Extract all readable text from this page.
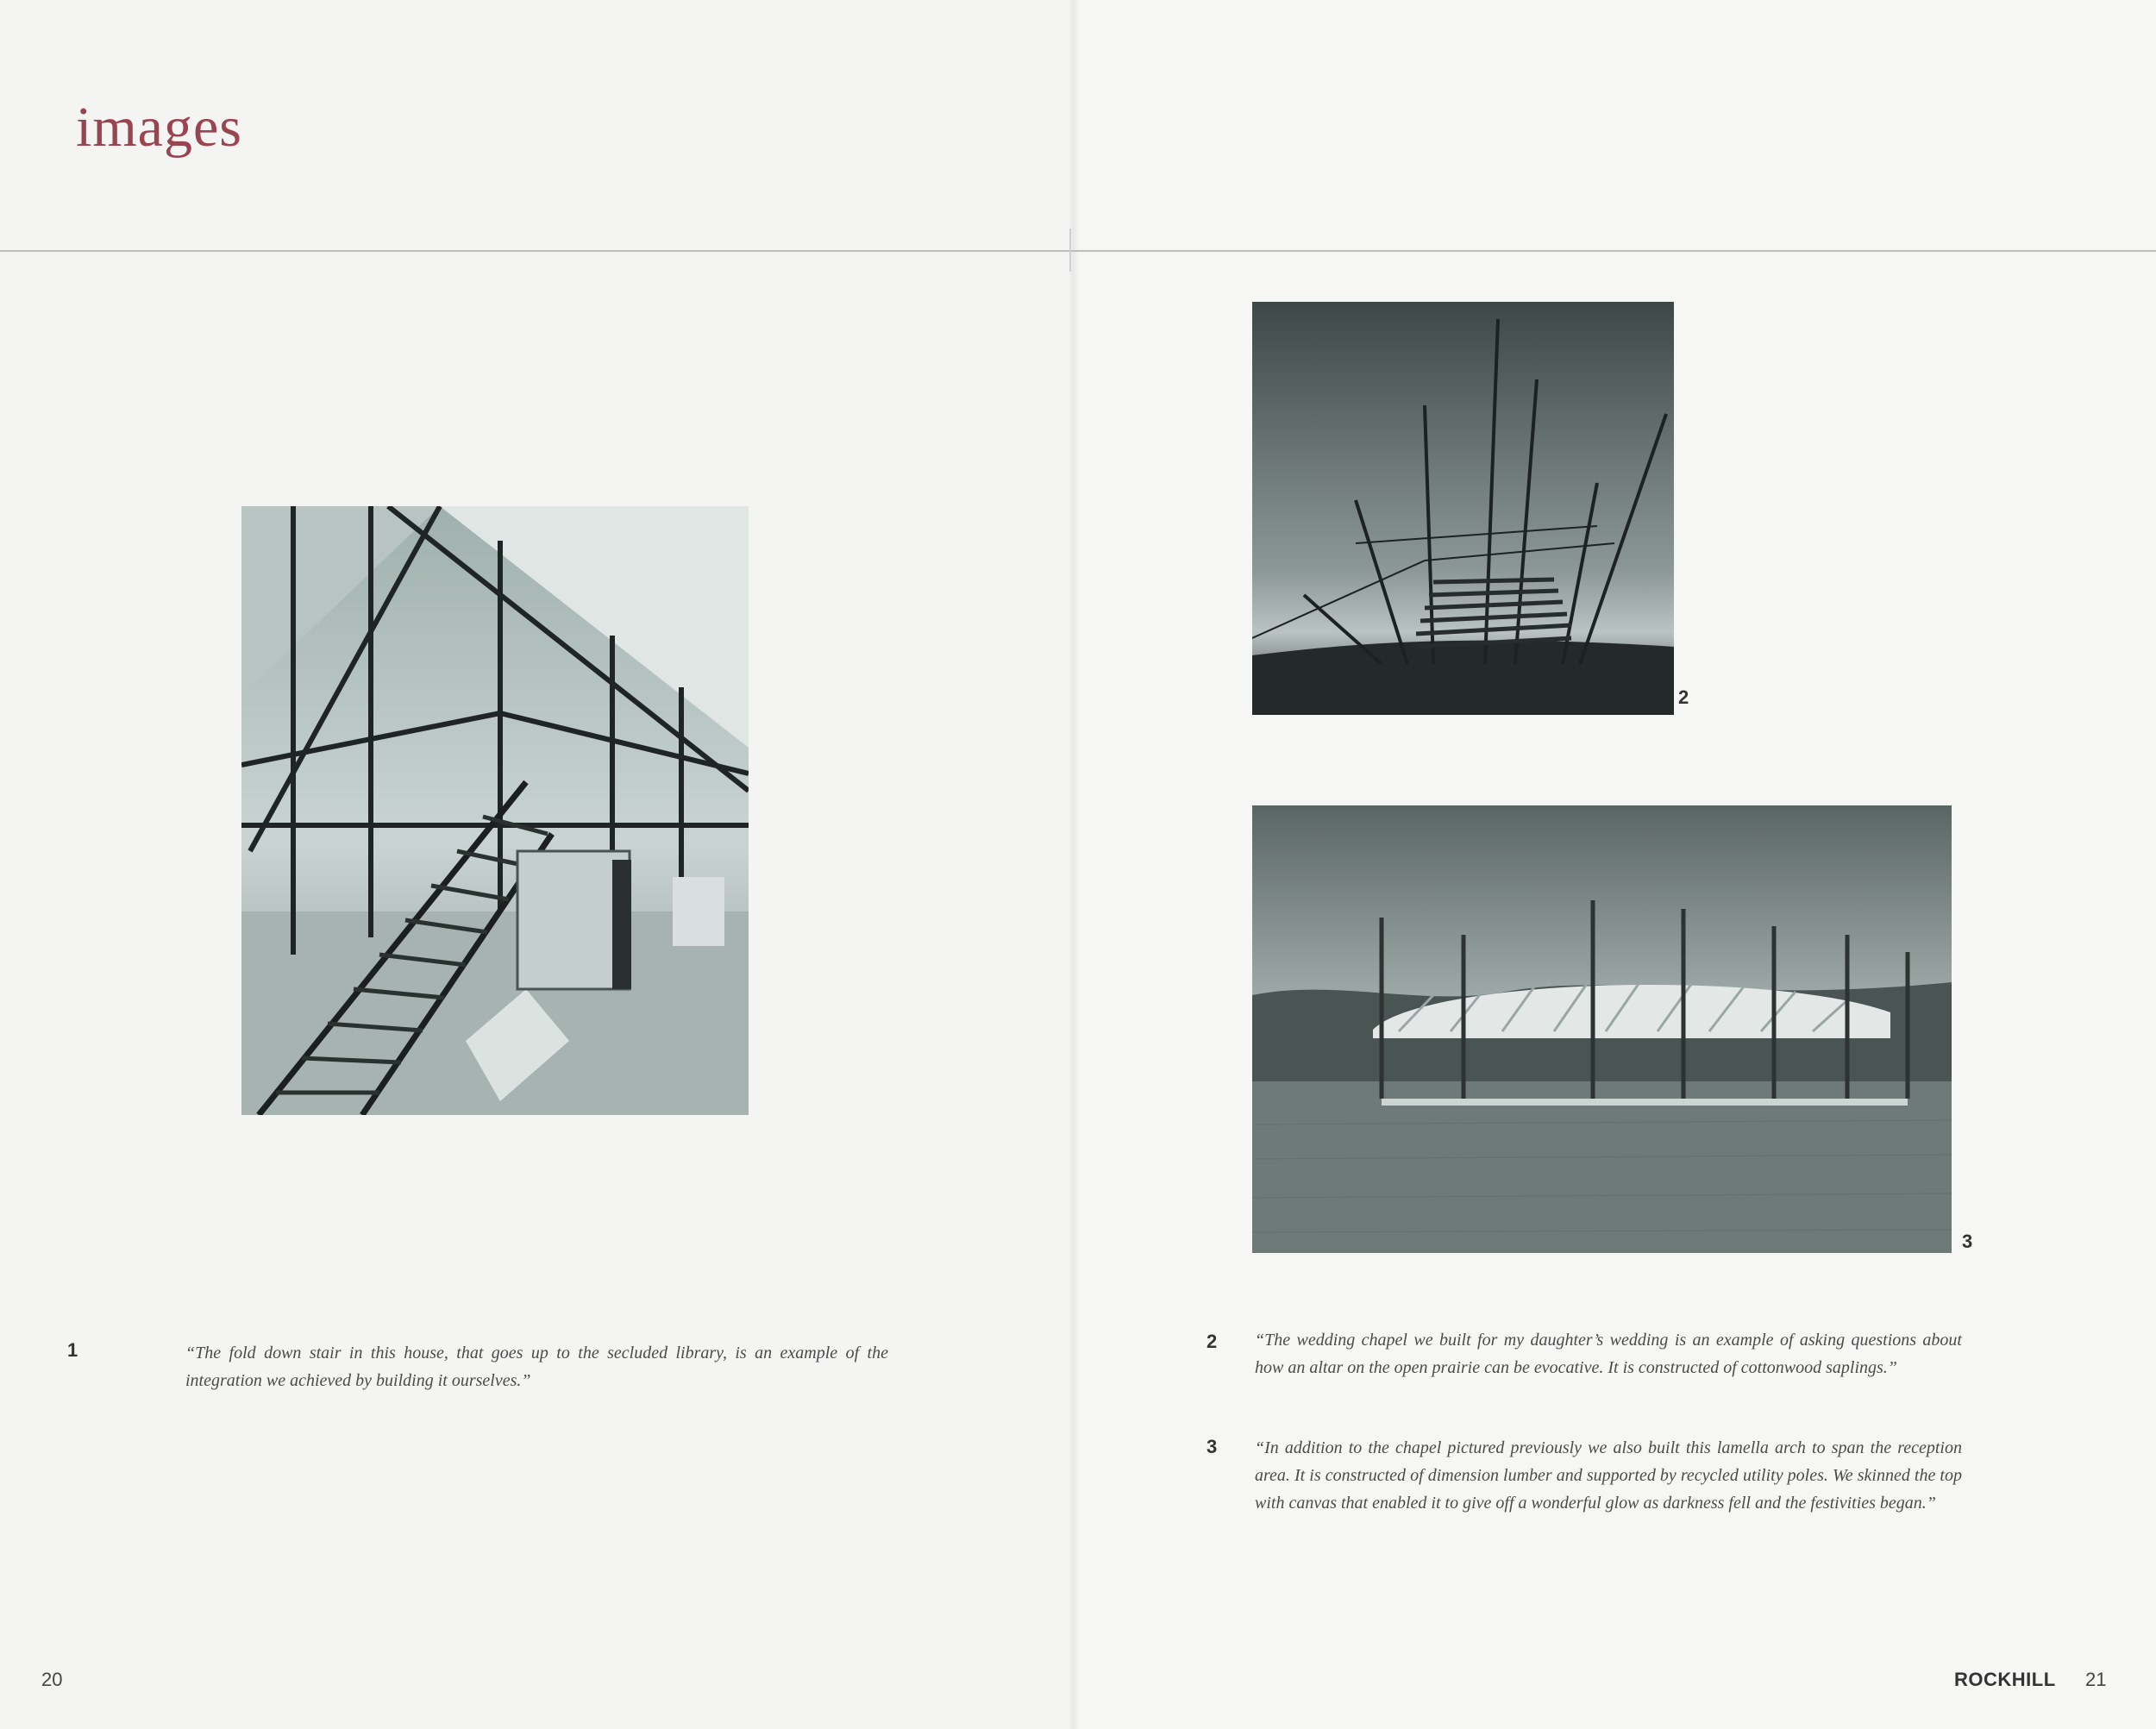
images
2
3
1	“The fold down stair in this house, that goes up to the secluded library, is an example of the integration we achieved by building it ourselves.”

2 “The wedding chapel we built for my daughter’s wedding is an example of asking questions about how an altar on the open prairie can be evocative. It is constructed of cottonwood saplings.”

3 “In addition to the chapel pictured previously we also built this lamella arch to span the reception area. It is constructed of dimension lumber and supported by recycled utility poles. We skinned the top with canvas that enabled it to give off a wonderful glow as darkness fell and the festivities began.”

20	ROCKHILL 21
